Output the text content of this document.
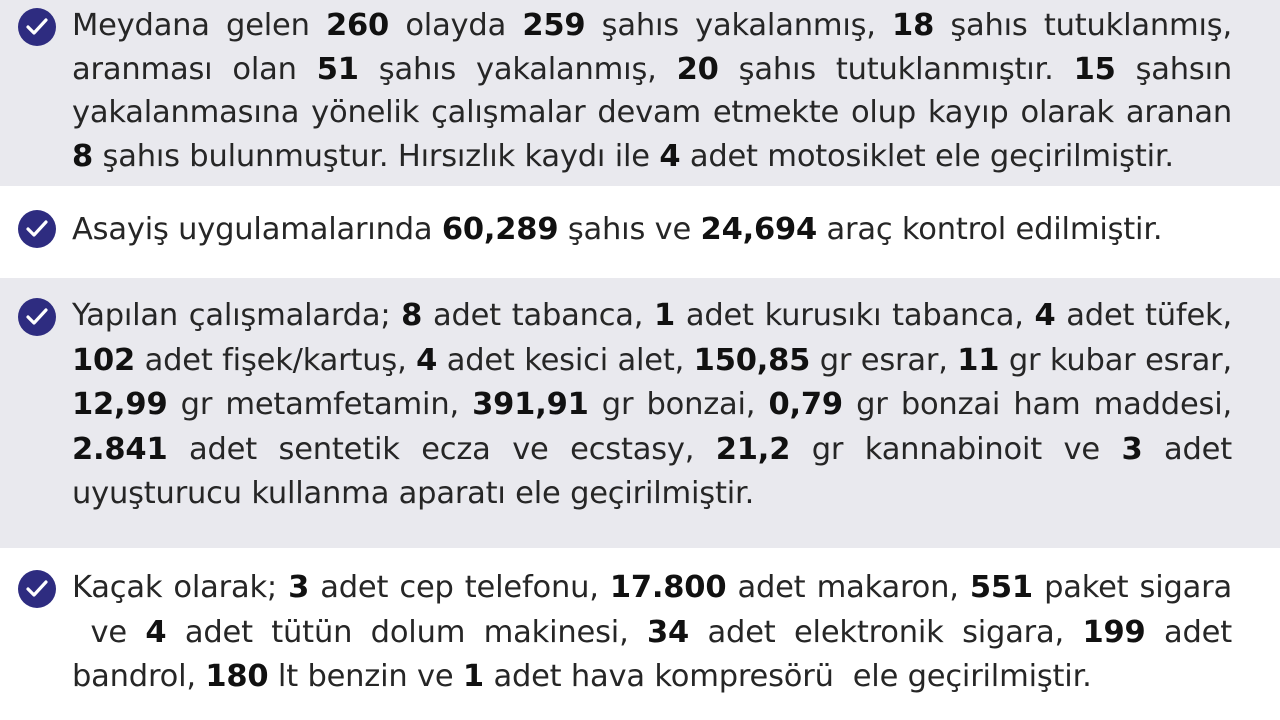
Meydana gelen 260 olayda 259 şahıs yakalanmış, 18 şahıs tutuklanmış, aranması olan 51 şahıs yakalanmış, 20 şahıs tutuklanmıştır. 15 şahsın yakalanmasına yönelik çalışmalar devam etmekte olup kayıp olarak aranan 8 şahıs bulunmuştur. Hırsızlık kaydı ile 4 adet motosiklet ele geçirilmiştir.
Asayiş uygulamalarında 60,289 şahıs ve 24,694 araç kontrol edilmiştir.
Yapılan çalışmalarda; 8 adet tabanca, 1 adet kurusıkı tabanca, 4 adet tüfek, 102 adet fişek/kartuş, 4 adet kesici alet, 150,85 gr esrar, 11 gr kubar esrar, 12,99 gr metamfetamin, 391,91 gr bonzai, 0,79 gr bonzai ham maddesi, 2.841 adet sentetik ecza ve ecstasy, 21,2 gr kannabinoit ve 3 adet uyuşturucu kullanma aparatı ele geçirilmiştir.
Kaçak olarak; 3 adet cep telefonu, 17.800 adet makaron, 551 paket sigara  ve 4 adet tütün dolum makinesi, 34 adet elektronik sigara, 199 adet bandrol, 180 lt benzin ve 1 adet hava kompresörü  ele geçirilmiştir.
